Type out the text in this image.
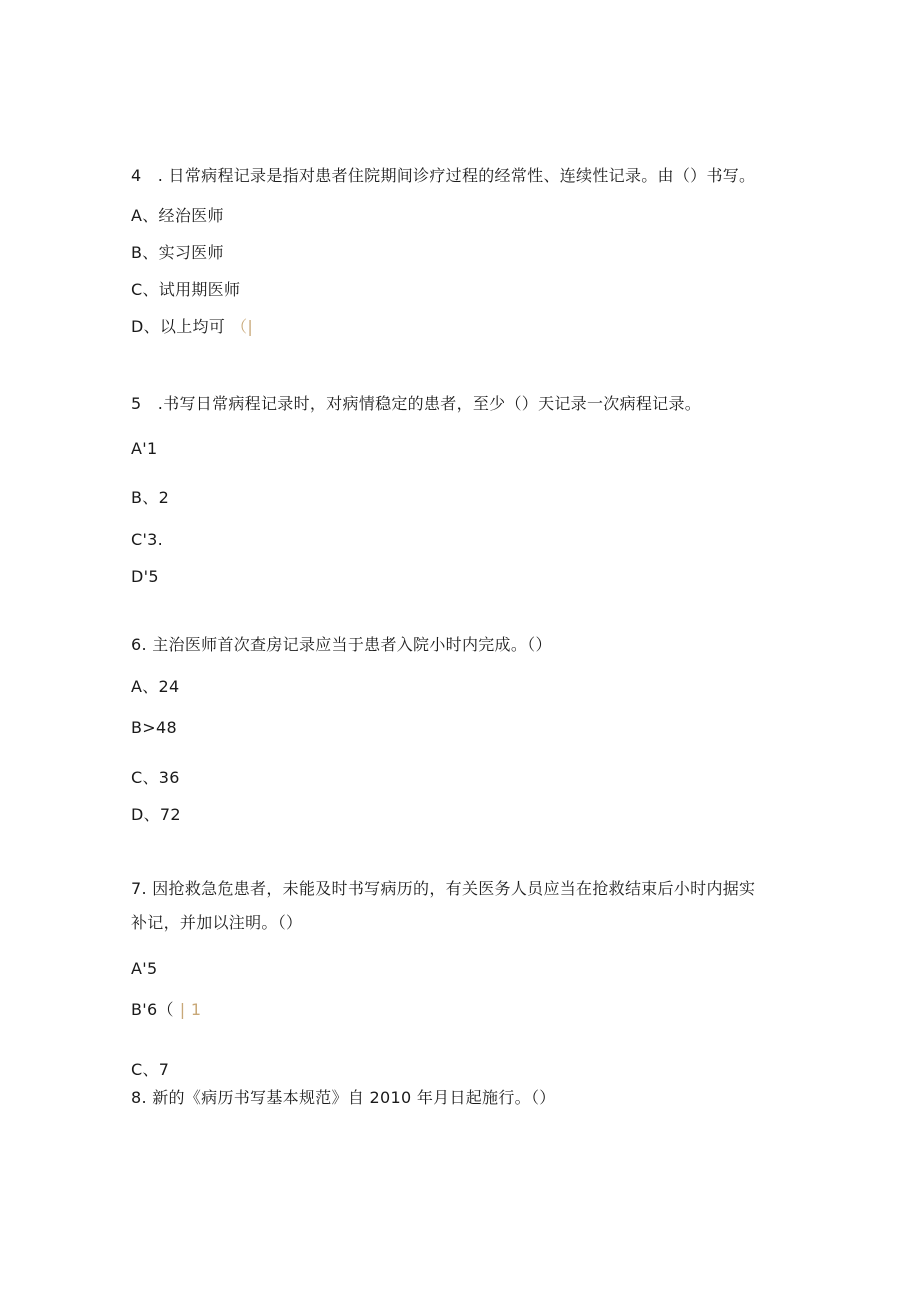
4 . 日常病程记录是指对患者住院期间诊疗过程的经常性、连续性记录。由（）书写。
A、经治医师
B、实习医师
C、试用期医师
D、以上均可 （|
5 .书写日常病程记录时，对病情稳定的患者，至少（）天记录一次病程记录。
A'1
B、2
C'3.
D'5
6. 主治医师首次查房记录应当于患者入院小时内完成。（）
A、24
B>48
C、36
D、72
7. 因抢救急危患者，未能及时书写病历的，有关医务人员应当在抢救结束后小时内据实
补记，并加以注明。（）
A'5
B'6（ | 1
C、7
8. 新的《病历书写基本规范》自 2010 年月日起施行。（）
